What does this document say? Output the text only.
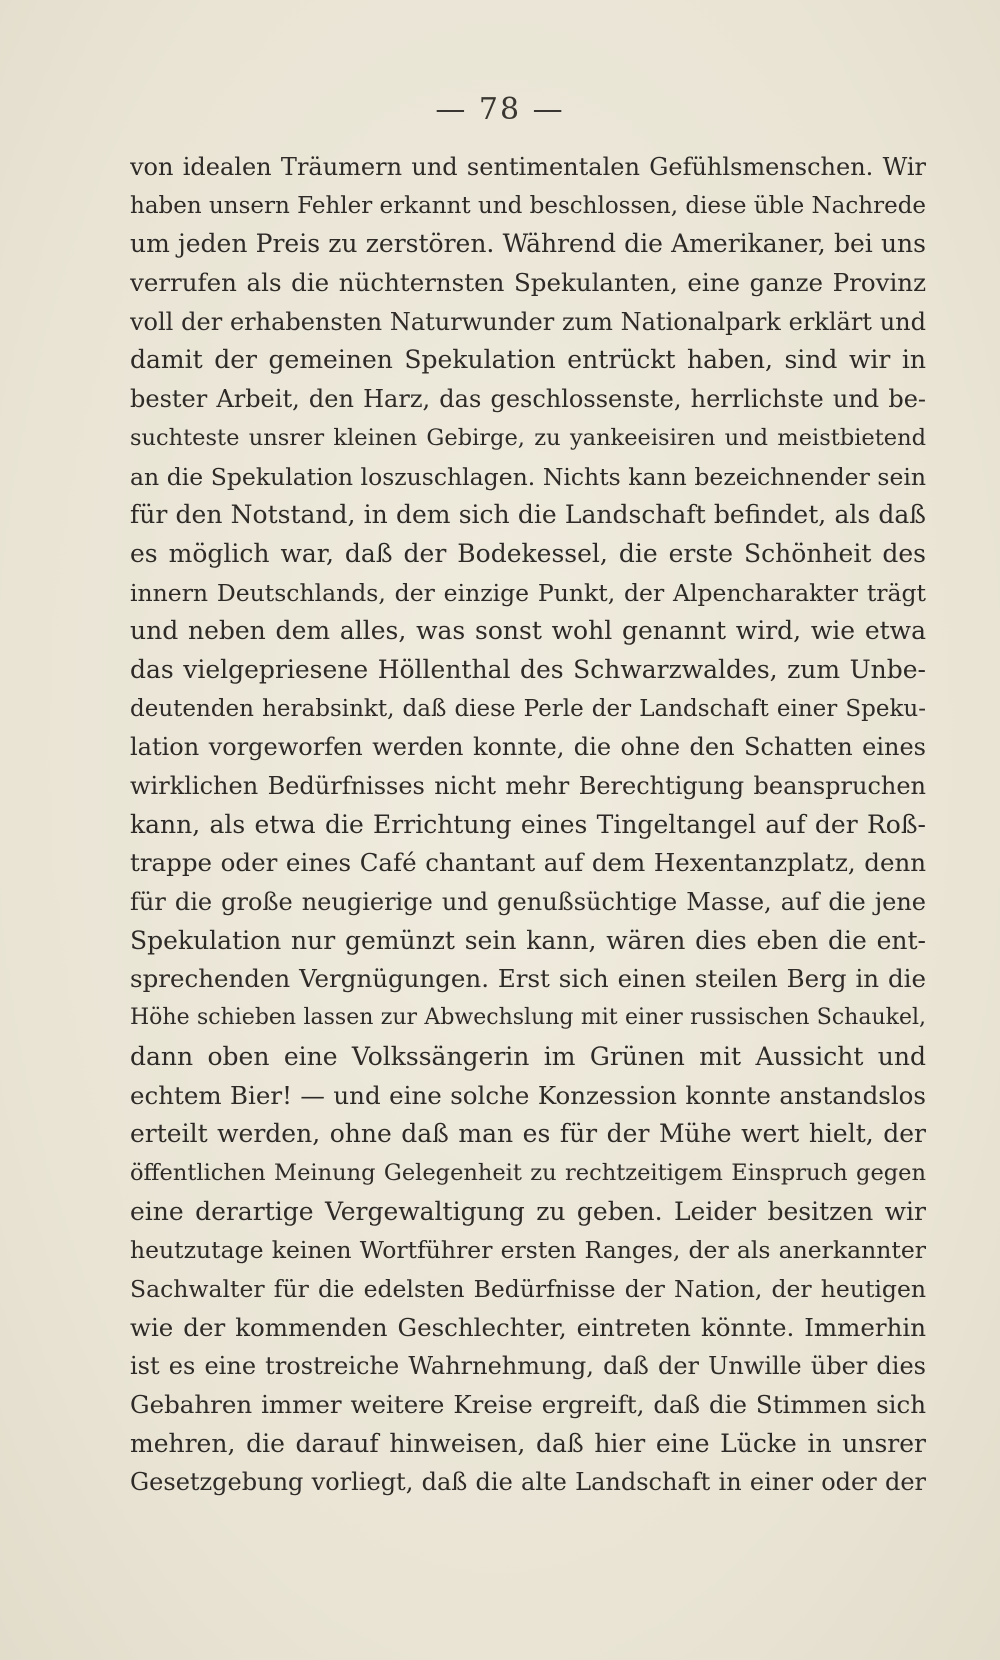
— 78 —
von idealen Träumern und sentimentalen Gefühlsmenschen. Wir
haben unsern Fehler erkannt und beschlossen, diese üble Nachrede
um jeden Preis zu zerstören. Während die Amerikaner, bei uns
verrufen als die nüchternsten Spekulanten, eine ganze Provinz
voll der erhabensten Naturwunder zum Nationalpark erklärt und
damit der gemeinen Spekulation entrückt haben, sind wir in
bester Arbeit, den Harz, das geschlossenste, herrlichste und be-
suchteste unsrer kleinen Gebirge, zu yankeeisiren und meistbietend
an die Spekulation loszuschlagen. Nichts kann bezeichnender sein
für den Notstand, in dem sich die Landschaft befindet, als daß
es möglich war, daß der Bodekessel, die erste Schönheit des
innern Deutschlands, der einzige Punkt, der Alpencharakter trägt
und neben dem alles, was sonst wohl genannt wird, wie etwa
das vielgepriesene Höllenthal des Schwarzwaldes, zum Unbe-
deutenden herabsinkt, daß diese Perle der Landschaft einer Speku-
lation vorgeworfen werden konnte, die ohne den Schatten eines
wirklichen Bedürfnisses nicht mehr Berechtigung beanspruchen
kann, als etwa die Errichtung eines Tingeltangel auf der Roß-
trappe oder eines Café chantant auf dem Hexentanzplatz, denn
für die große neugierige und genußsüchtige Masse, auf die jene
Spekulation nur gemünzt sein kann, wären dies eben die ent-
sprechenden Vergnügungen. Erst sich einen steilen Berg in die
Höhe schieben lassen zur Abwechslung mit einer russischen Schaukel,
dann oben eine Volkssängerin im Grünen mit Aussicht und
echtem Bier! — und eine solche Konzession konnte anstandslos
erteilt werden, ohne daß man es für der Mühe wert hielt, der
öffentlichen Meinung Gelegenheit zu rechtzeitigem Einspruch gegen
eine derartige Vergewaltigung zu geben. Leider besitzen wir
heutzutage keinen Wortführer ersten Ranges, der als anerkannter
Sachwalter für die edelsten Bedürfnisse der Nation, der heutigen
wie der kommenden Geschlechter, eintreten könnte. Immerhin
ist es eine trostreiche Wahrnehmung, daß der Unwille über dies
Gebahren immer weitere Kreise ergreift, daß die Stimmen sich
mehren, die darauf hinweisen, daß hier eine Lücke in unsrer
Gesetzgebung vorliegt, daß die alte Landschaft in einer oder der
